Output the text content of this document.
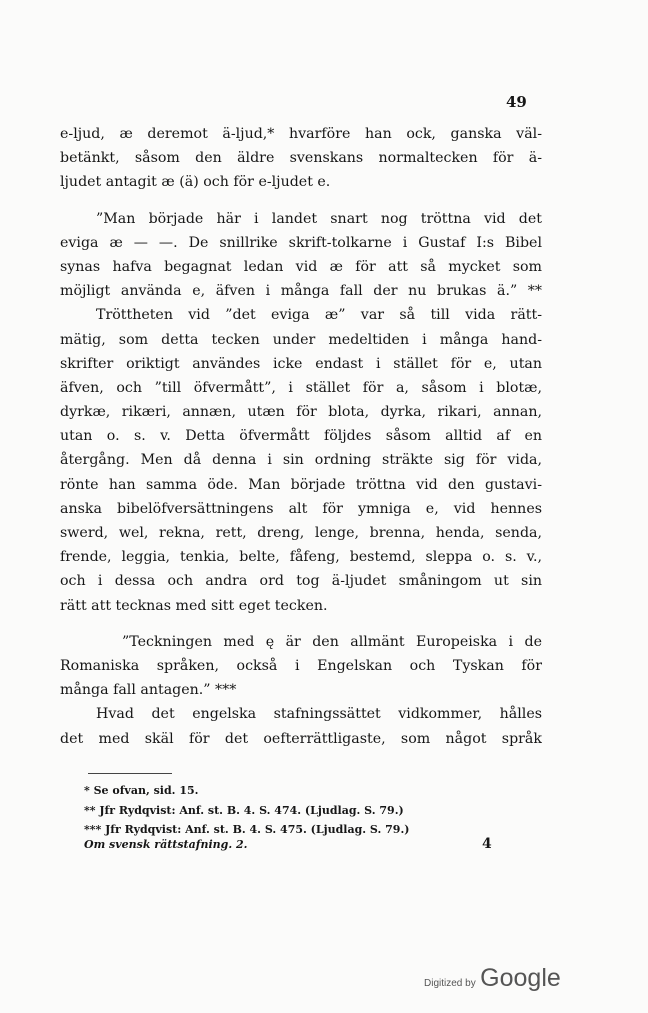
49
e-ljud, æ deremot ä-ljud,* hvarföre han ock, ganska väl-
betänkt, såsom den äldre svenskans normaltecken för ä-
ljudet antagit æ (ä) och för e-ljudet e.
”Man började här i landet snart nog tröttna vid det
eviga æ — —. De snillrike skrift-tolkarne i Gustaf I:s Bibel
synas hafva begagnat ledan vid æ för att så mycket som
möjligt använda e, äfven i många fall der nu brukas ä.” **
Tröttheten vid ”det eviga æ” var så till vida rätt-
mätig, som detta tecken under medeltiden i många hand-
skrifter oriktigt användes icke endast i stället för e, utan
äfven, och ”till öfvermått”, i stället för a, såsom i blotæ,
dyrkæ, rikæri, annæn, utæn för blota, dyrka, rikari, annan,
utan o. s. v. Detta öfvermått följdes såsom alltid af en
återgång. Men då denna i sin ordning sträkte sig för vida,
rönte han samma öde. Man började tröttna vid den gustavi-
anska bibelöfversättningens alt för ymniga e, vid hennes
swerd, wel, rekna, rett, dreng, lenge, brenna, henda, senda,
frende, leggia, tenkia, belte, fåfeng, bestemd, sleppa o. s. v.,
och i dessa och andra ord tog ä-ljudet småningom ut sin
rätt att tecknas med sitt eget tecken.
”Teckningen med ę är den allmänt Europeiska i de
Romaniska språken, också i Engelskan och Tyskan för
många fall antagen.” ***
Hvad det engelska stafningssättet vidkommer, hålles
det med skäl för det oefterrättligaste, som något språk
* Se ofvan, sid. 15.
** Jfr Rydqvist: Anf. st. B. 4. S. 474. (Ljudlag. S. 79.)
*** Jfr Rydqvist: Anf. st. B. 4. S. 475. (Ljudlag. S. 79.)
Om svensk rättstafning. 2.	4
Digitized by Google
